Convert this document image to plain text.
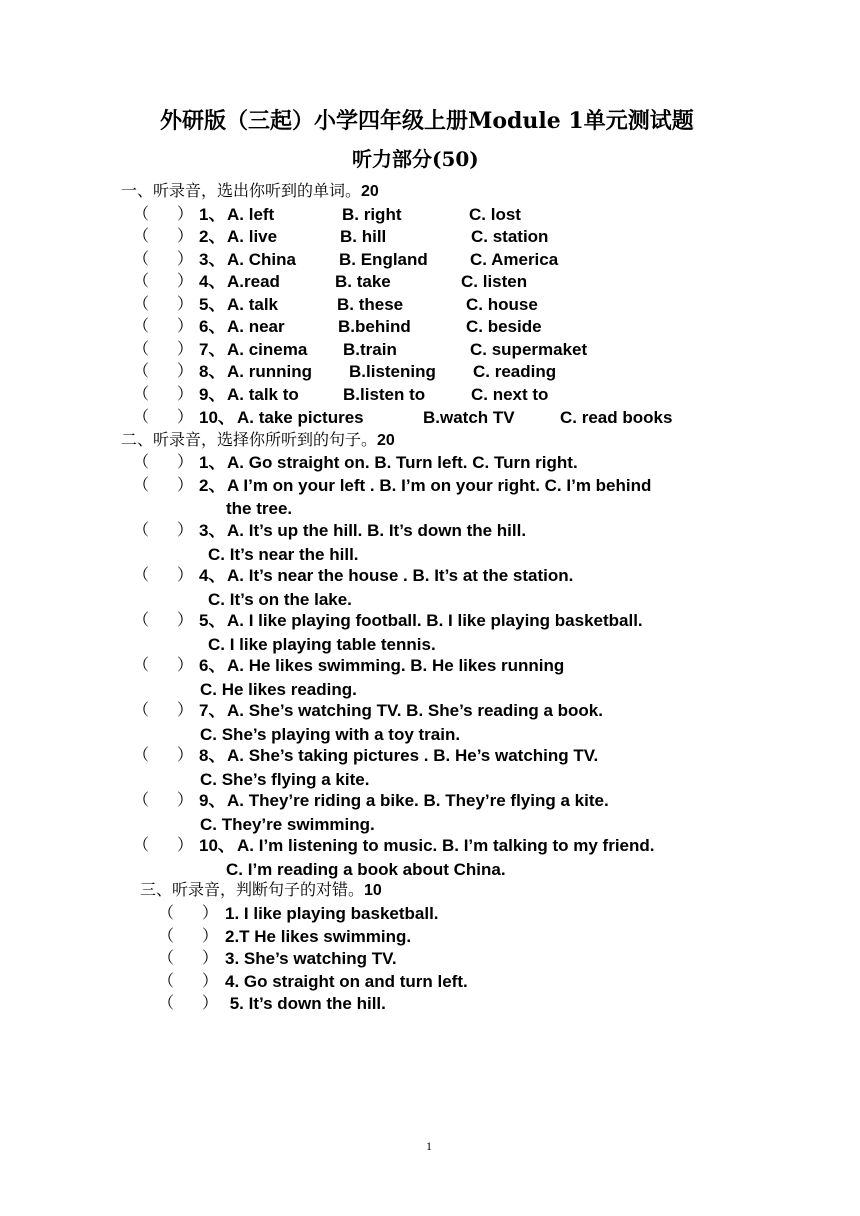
外研版（三起）小学四年级上册Module 1单元测试题
听力部分(50)
一、听录音，选出你听到的单词。20
（ ） 1、 A. left	B. right	C. lost
（ ） 2、 A. live	B. hill	C. station
（ ） 3、 A. China	B. England C. America
（ ） 4、 A.read	B. take	C. listen
（ ） 5、 A. talk	B. these	C. house
（ ） 6、 A. near	B.behind	C. beside
（ ） 7、 A. cinema B.train	C. supermaket
（ ） 8、 A. running B.listening C. reading
（ ） 9、 A. talk to	B.listen to	C. next to
（ ） 10、 A. take pictures	B.watch TV	C. read books
二、听录音，选择你所听到的句子。20
（ ） 1、 A. Go straight on. B. Turn left. C. Turn right.
（ ） 2、 A I’m on your left . B. I’m on your right. C. I’m behind
the tree.
（ ） 3、 A. It’s up the hill. B. It’s down the hill.
C. It’s near the hill.
（ ） 4、 A. It’s near the house . B. It’s at the station.
C. It’s on the lake.
（ ） 5、 A. I like playing football. B. I like playing basketball.
C. I like playing table tennis.
（ ） 6、 A. He likes swimming. B. He likes running
C. He likes reading.
（ ） 7、 A. She’s watching TV. B. She’s reading a book.
C. She’s playing with a toy train.
（ ） 8、 A. She’s taking pictures . B. He’s watching TV.
C. She’s flying a kite.
（ ） 9、 A. They’re riding a bike. B. They’re flying a kite.
C. They’re swimming.
（ ） 10、 A. I’m listening to music. B. I’m talking to my friend.
C. I’m reading a book about China.
三、听录音，判断句子的对错。10
（ ） 1. I like playing basketball.
（ ） 2.T He likes swimming.
（ ） 3. She’s watching TV.
（ ） 4. Go straight on and turn left.
（ ） 5. It’s down the hill.
1
